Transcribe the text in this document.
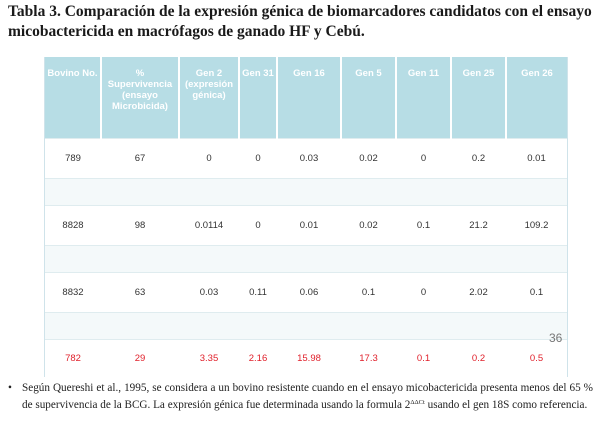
Tabla 3. Comparación de la expresión génica de biomarcadores candidatos con el ensayo micobactericida en macrófagos de ganado HF y Cebú.
Bovino No.	% Supervivencia (ensayo Microbicida)	Gen 2 (expresión génica)	Gen 31	Gen 16	Gen 5	Gen 11	Gen 25	Gen 26
789	67	0	0	0.03	0.02	0	0.2	0.01

8828	98	0.0114	0	0.01	0.02	0.1	21.2	109.2

8832	63	0.03	0.11	0.06	0.1	0	2.02	0.1

782	29	3.35	2.16	15.98	17.3	0.1	0.2	0.5
36
• Según Quereshi et al., 1995, se considera a un bovino resistente cuando en el ensayo micobactericida presenta menos del 65 % de supervivencia de la BCG. La expresión génica fue determinada usando la formula $2^{\Delta\Delta Ct}$ usando el gen 18S como referencia.
